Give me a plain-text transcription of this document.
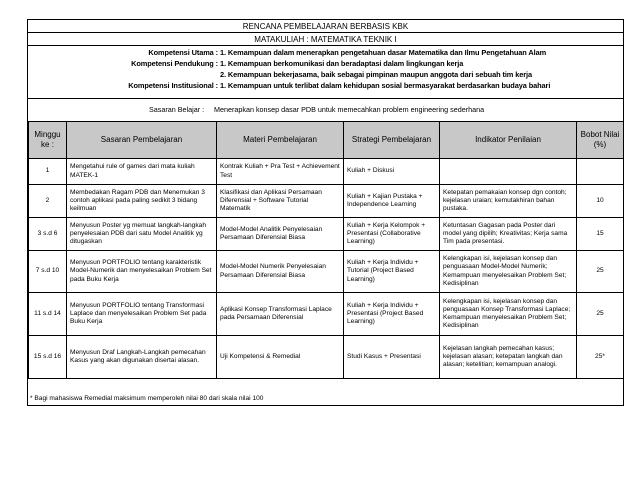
RENCANA PEMBELAJARAN BERBASIS KBK
MATAKULIAH : MATEMATIKA TEKNIK I
Kompetensi Utama : 1. Kemampuan dalam menerapkan pengetahuan dasar Matematika dan Ilmu Pengetahuan Alam
Kompetensi Pendukung : 1. Kemampuan berkomunikasi dan beradaptasi dalam lingkungan kerja
2. Kemampuan bekerjasama, baik sebagai pimpinan maupun anggota dari sebuah tim kerja
Kompetensi Institusional : 1. Kemampuan untuk terlibat dalam kehidupan sosial bermasyarakat berdasarkan budaya bahari
Sasaran Belajar : Menerapkan konsep dasar PDB untuk memecahkan problem engineering sederhana
Minggu ke :	Sasaran Pembelajaran	Materi Pembelajaran	Strategi Pembelajaran	Indikator Penilaian	Bobot Nilai (%)
1	Mengetahui rule of games dari mata kuliah MATEK-1	Kontrak Kuliah + Pra Test + Achievement Test	Kuliah + Diskusi		
2	Membedakan Ragam PDB dan Menemukan 3 contoh aplikasi pada paling sedikit 3 bidang keilmuan	Klasifikasi dan Aplikasi Persamaan Diferensial + Software Tutorial Matematik	Kuliah + Kajian Pustaka + Independence Learning	Ketepatan pemakaian konsep dgn contoh; kejelasan uraian; kemutakhiran bahan pustaka.	10
3 s.d 6	Menyusun Poster yg memuat langkah-langkah penyelesaian PDB dari satu Model Analitik yg ditugaskan	Model-Model Analitik Penyelesaian Persamaan Diferensial Biasa	Kuliah + Kerja Kelompok + Presentasi (Collaborative Learning)	Ketuntasan Gagasan pada Poster dari model yang dipilih; Kreativitas; Kerja sama Tim pada presentasi.	15
7 s.d 10	Menyusun PORTFOLIO tentang karakteristik Model-Numerik dan menyelesaikan Problem Set pada Buku Kerja	Model-Model Numerik Penyelesaian Persamaan Diferensial Biasa	Kuliah + Kerja Individu + Tutorial (Project Based Learning)	Kelengkapan isi, kejelasan konsep dan penguasaan Model-Model Numerik; Kemampuan menyelesaikan Problem Set; Kedisiplinan	25
11 s.d 14	Menyusun PORTFOLIO tentang Transformasi Laplace dan menyelesaikan Problem Set pada Buku Kerja	Aplikasi Konsep Transformasi Laplace pada Persamaan Diferensial	Kuliah + Kerja Individu + Presentasi (Project Based Learning)	Kelengkapan isi, kejelasan konsep dan penguasaan Konsep Transformasi Laplace; Kemampuan menyelesaikan Problem Set; Kedisiplinan	25
15 s.d 16	Menyusun Draf Langkah-Langkah pemecahan Kasus yang akan digunakan disertai alasan.	Uji Kompetensi & Remedial	Studi Kasus + Presentasi	Kejelasan langkah pemecahan kasus; kejelasan alasan; ketepatan langkah dan alasan; ketelitian; kemampuan analogi.	25*
* Bagi mahasiswa Remedial maksimum memperoleh nilai 80 dari skala nilai 100
